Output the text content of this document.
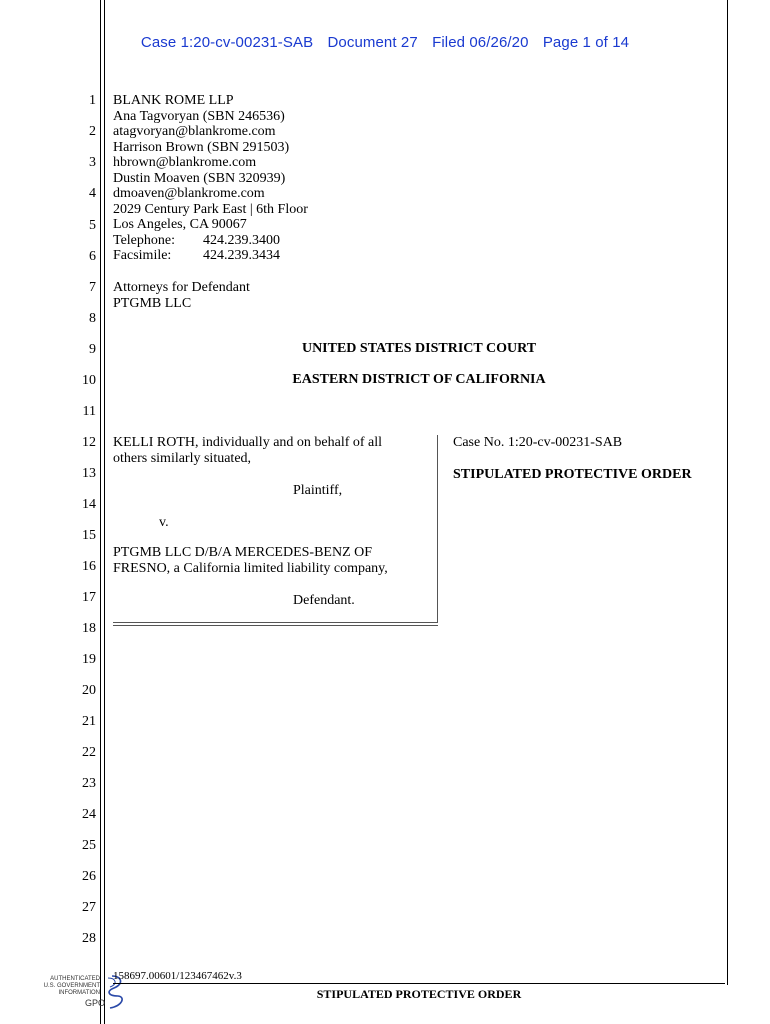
Case 1:20-cv-00231-SAB Document 27 Filed 06/26/20 Page 1 of 14
1
2
3
4
5
6
7
8
9
10
11
12
13
14
15
16
17
18
19
20
21
22
23
24
25
26
27
28
BLANK ROME LLP
Ana Tagvoryan (SBN 246536)
atagvoryan@blankrome.com
Harrison Brown (SBN 291503)
hbrown@blankrome.com
Dustin Moaven (SBN 320939)
dmoaven@blankrome.com
2029 Century Park East | 6th Floor
Los Angeles, CA 90067
Telephone: 424.239.3400
Facsimile: 424.239.3434
Attorneys for Defendant
PTGMB LLC
UNITED STATES DISTRICT COURT
EASTERN DISTRICT OF CALIFORNIA
KELLI ROTH, individually and on behalf of all
others similarly situated,
Plaintiff,
v.
PTGMB LLC D/B/A MERCEDES-BENZ OF
FRESNO, a California limited liability company,
Defendant.
Case No. 1:20-cv-00231-SAB
STIPULATED PROTECTIVE ORDER
AUTHENTICATED
U.S. GOVERNMENT
INFORMATION
GPO
158697.00601/123467462v.3
STIPULATED PROTECTIVE ORDER
